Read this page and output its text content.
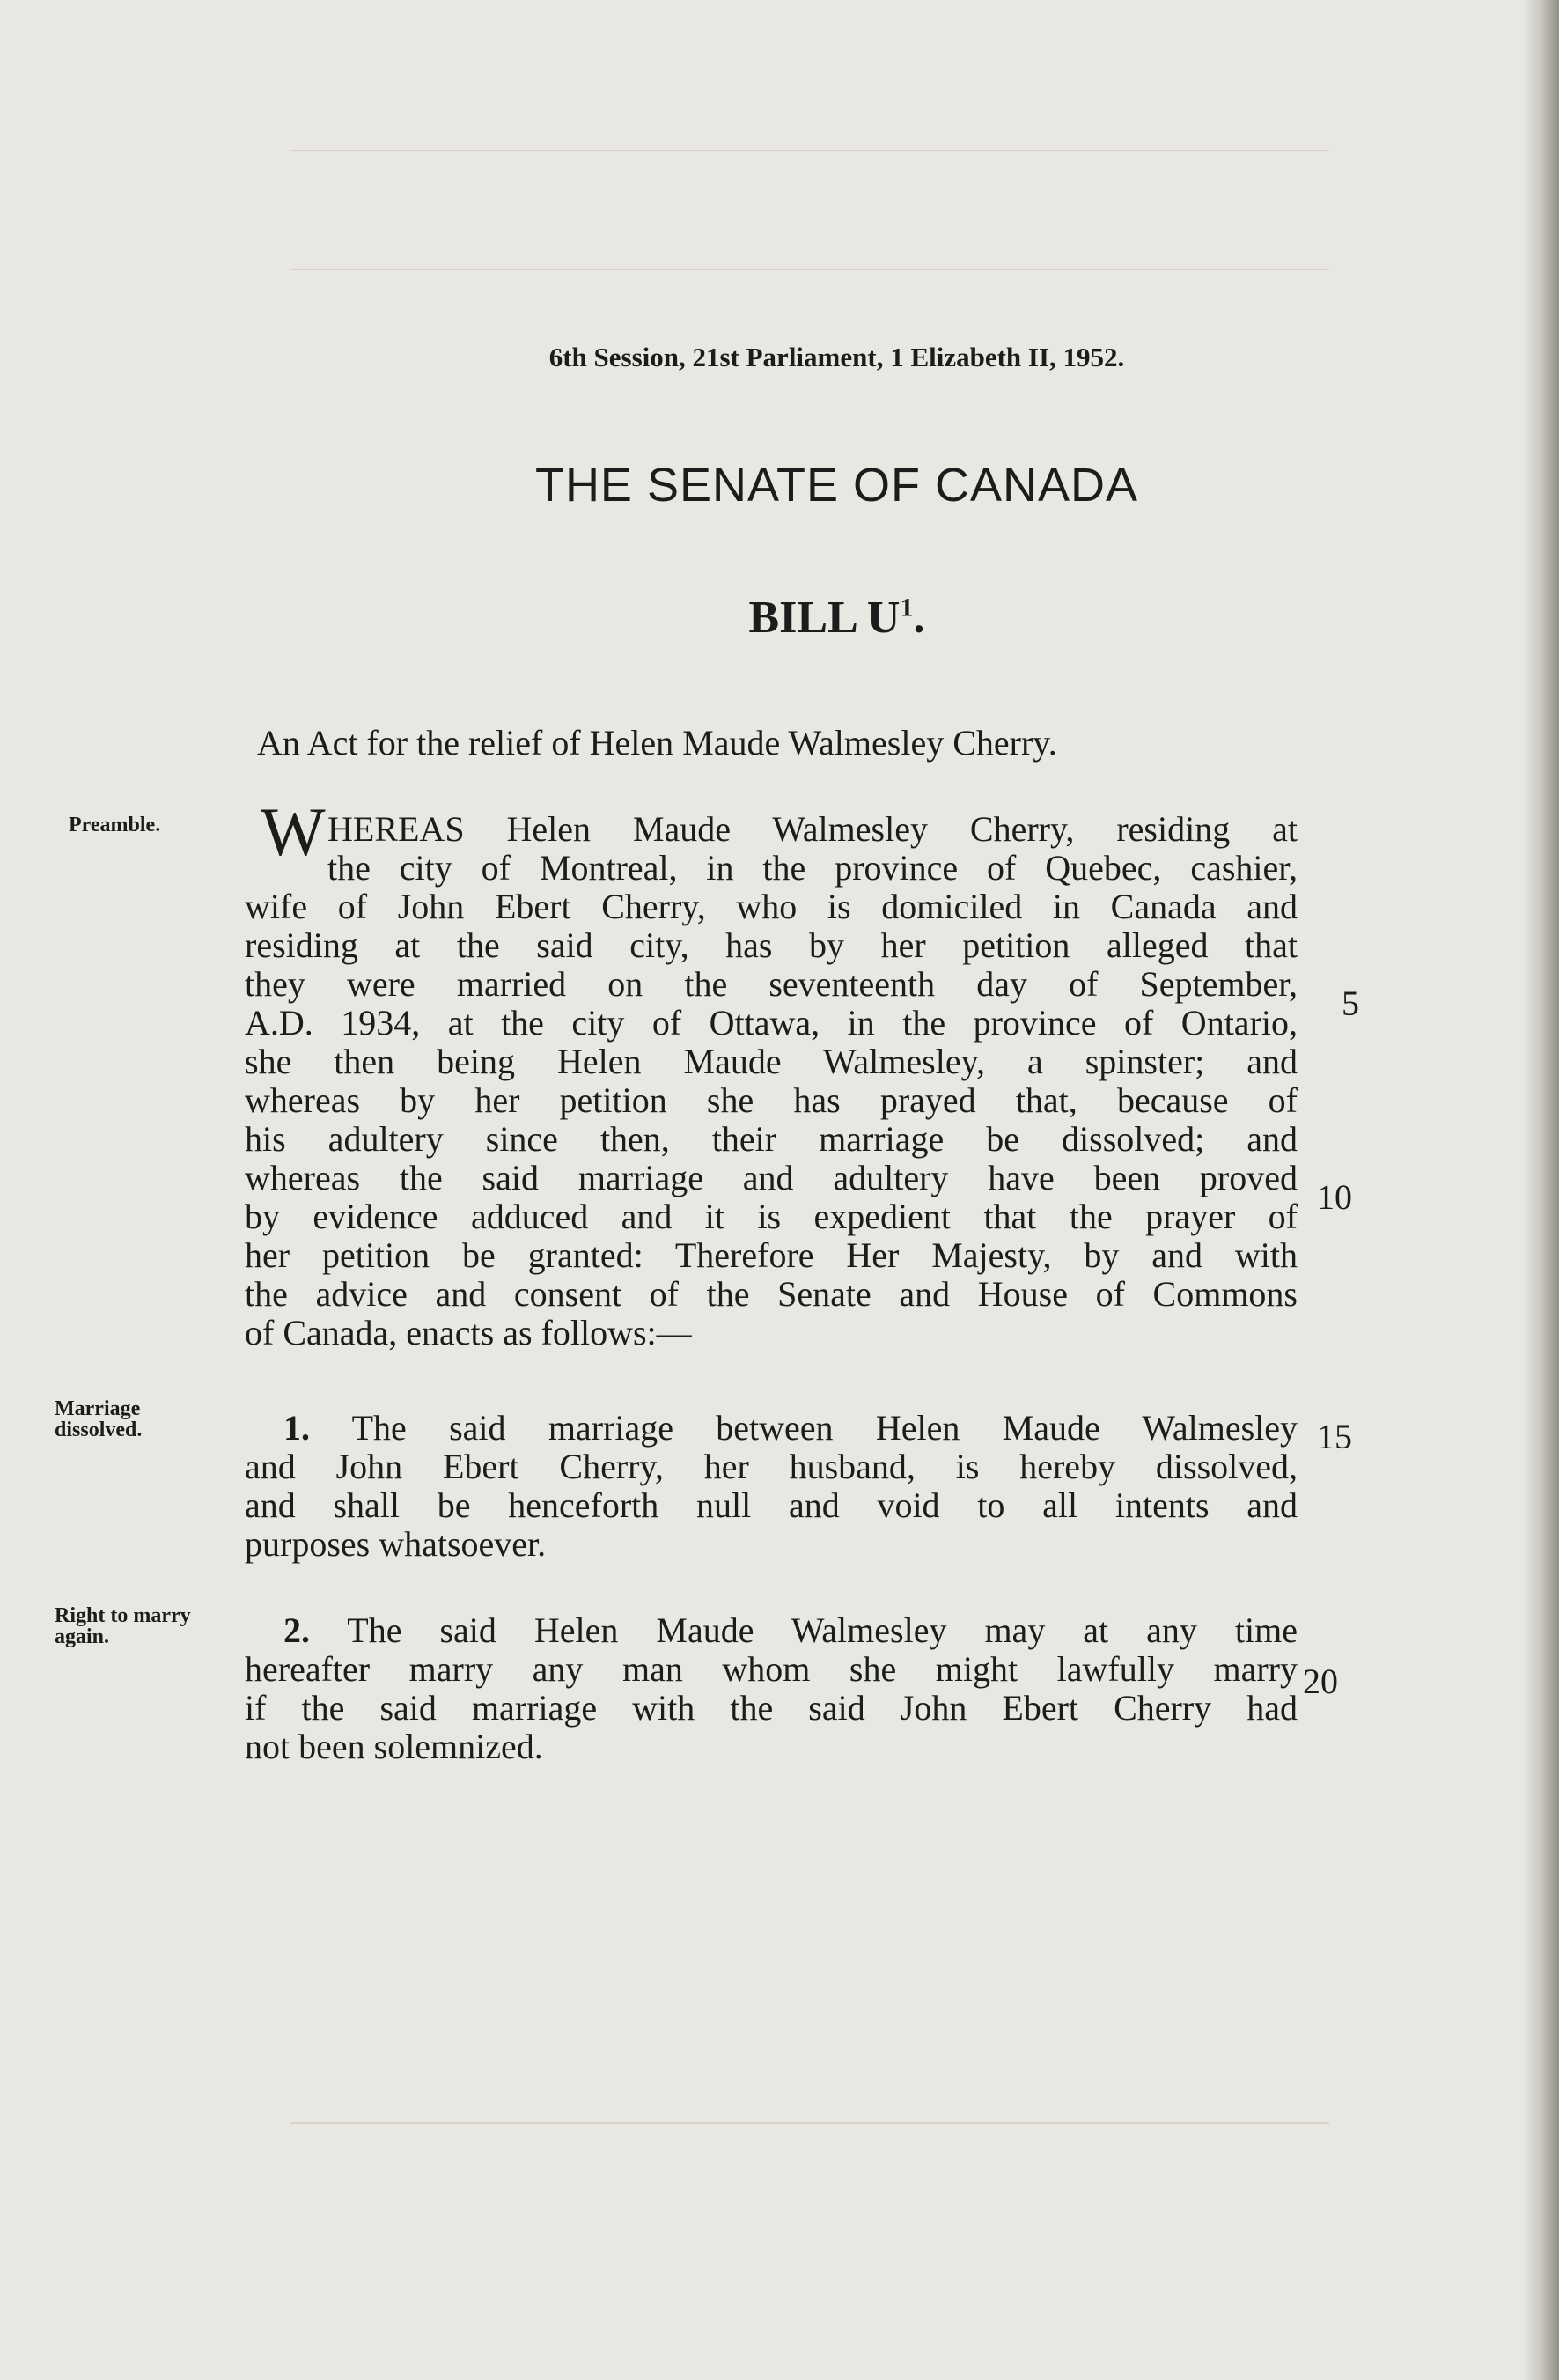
6th Session, 21st Parliament, 1 Elizabeth II, 1952.
THE SENATE OF CANADA
BILL $U^1$.
An Act for the relief of Helen Maude Walmesley Cherry.
Preamble.
Marriage dissolved.
Right to marry again.
W HEREAS Helen Maude Walmesley Cherry, residing at
the city of Montreal, in the province of Quebec, cashier,
wife of John Ebert Cherry, who is domiciled in Canada and
residing at the said city, has by her petition alleged that
they were married on the seventeenth day of September,
A.D. 1934, at the city of Ottawa, in the province of Ontario,
she then being Helen Maude Walmesley, a spinster; and
whereas by her petition she has prayed that, because of
his adultery since then, their marriage be dissolved; and
whereas the said marriage and adultery have been proved
by evidence adduced and it is expedient that the prayer of
her petition be granted: Therefore Her Majesty, by and with
the advice and consent of the Senate and House of Commons
of Canada, enacts as follows:—
1. The said marriage between Helen Maude Walmesley
and John Ebert Cherry, her husband, is hereby dissolved,
and shall be henceforth null and void to all intents and
purposes whatsoever.
2. The said Helen Maude Walmesley may at any time
hereafter marry any man whom she might lawfully marry
if the said marriage with the said John Ebert Cherry had
not been solemnized.
5
10
15
20
